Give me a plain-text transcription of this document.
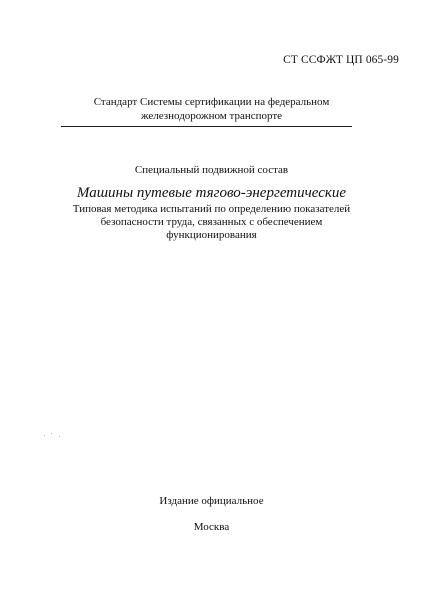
СТ ССФЖТ ЦП 065-99
Стандарт Системы сертификации на федеральном
железнодорожном транспорте
Специальный подвижной состав
Машины путевые тягово-энергетические
Типовая методика испытаний по определению показателей
безопасности труда, связанных с обеспечением
функционирования
Издание официальное
Москва
